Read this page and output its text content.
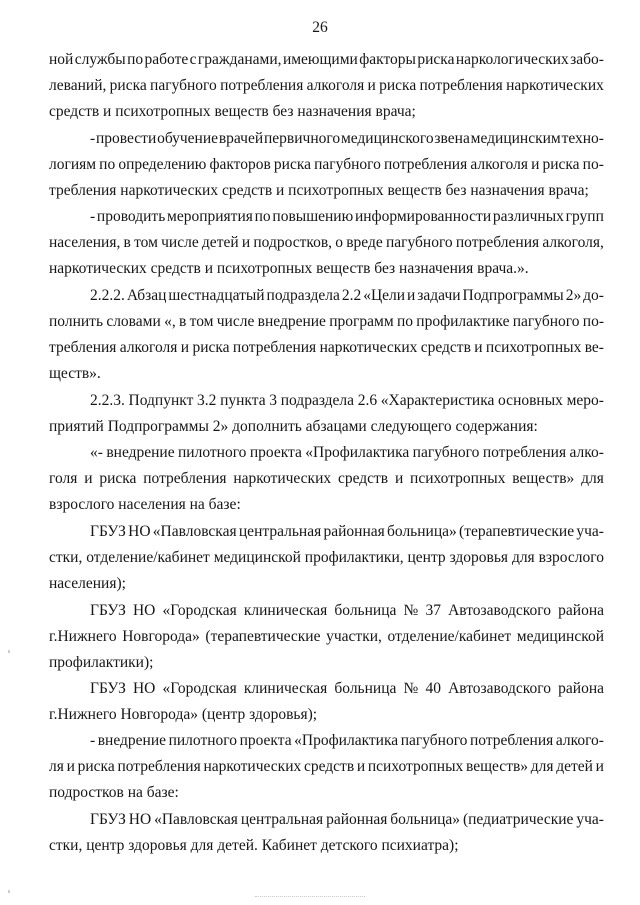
26
ной службы по работе с гражданами, имеющими факторы риска наркологических забо-
леваний, риска пагубного потребления алкоголя и риска потребления наркотических
средств и психотропных веществ без назначения врача;
- провести обучение врачей первичного медицинского звена медицинским техно-
логиям по определению факторов риска пагубного потребления алкоголя и риска по-
требления наркотических средств и психотропных веществ без назначения врача;
- проводить мероприятия по повышению информированности различных групп
населения, в том числе детей и подростков, о вреде пагубного потребления алкоголя,
наркотических средств и психотропных веществ без назначения врача.».
2.2.2. Абзац шестнадцатый подраздела 2.2 «Цели и задачи Подпрограммы 2» до-
полнить словами «, в том числе внедрение программ по профилактике пагубного по-
требления алкоголя и риска потребления наркотических средств и психотропных ве-
ществ».
2.2.3. Подпункт 3.2 пункта 3 подраздела 2.6 «Характеристика основных меро-
приятий Подпрограммы 2» дополнить абзацами следующего содержания:
«- внедрение пилотного проекта «Профилактика пагубного потребления алко-
голя и риска потребления наркотических средств и психотропных веществ» для
взрослого населения на базе:
ГБУЗ НО «Павловская центральная районная больница» (терапевтические уча-
стки, отделение/кабинет медицинской профилактики, центр здоровья для взрослого
населения);
ГБУЗ НО «Городская клиническая больница № 37 Автозаводского района
г.Нижнего Новгорода» (терапевтические участки, отделение/кабинет медицинской
профилактики);
ГБУЗ НО «Городская клиническая больница № 40 Автозаводского района
г.Нижнего Новгорода» (центр здоровья);
- внедрение пилотного проекта «Профилактика пагубного потребления алкого-
ля и риска потребления наркотических средств и психотропных веществ» для детей и
подростков на базе:
ГБУЗ НО «Павловская центральная районная больница» (педиатрические уча-
стки, центр здоровья для детей. Кабинет детского психиатра);
